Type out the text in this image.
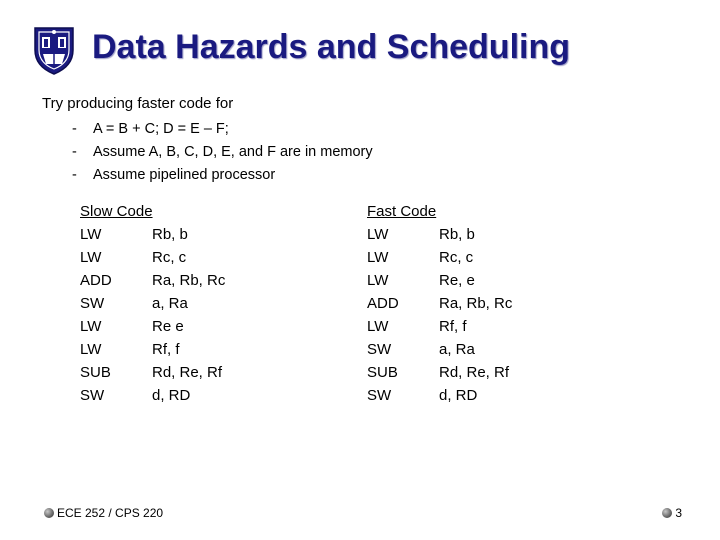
Data Hazards and Scheduling
Try producing faster code for
- A = B + C; D = E – F;
- Assume A, B, C, D, E, and F are in memory
- Assume pipelined processor
Slow Code
LW	Rb, b
LW	Rc, c
ADD	Ra, Rb, Rc
SW	a, Ra
LW	Re e
LW	Rf, f
SUB	Rd, Re, Rf
SW	d, RD
Fast Code
LW	Rb, b
LW	Rc, c
LW	Re, e
ADD	Ra, Rb, Rc
LW	Rf, f
SW	a, Ra
SUB	Rd, Re, Rf
SW	d, RD
ECE 252 / CPS 220	3
